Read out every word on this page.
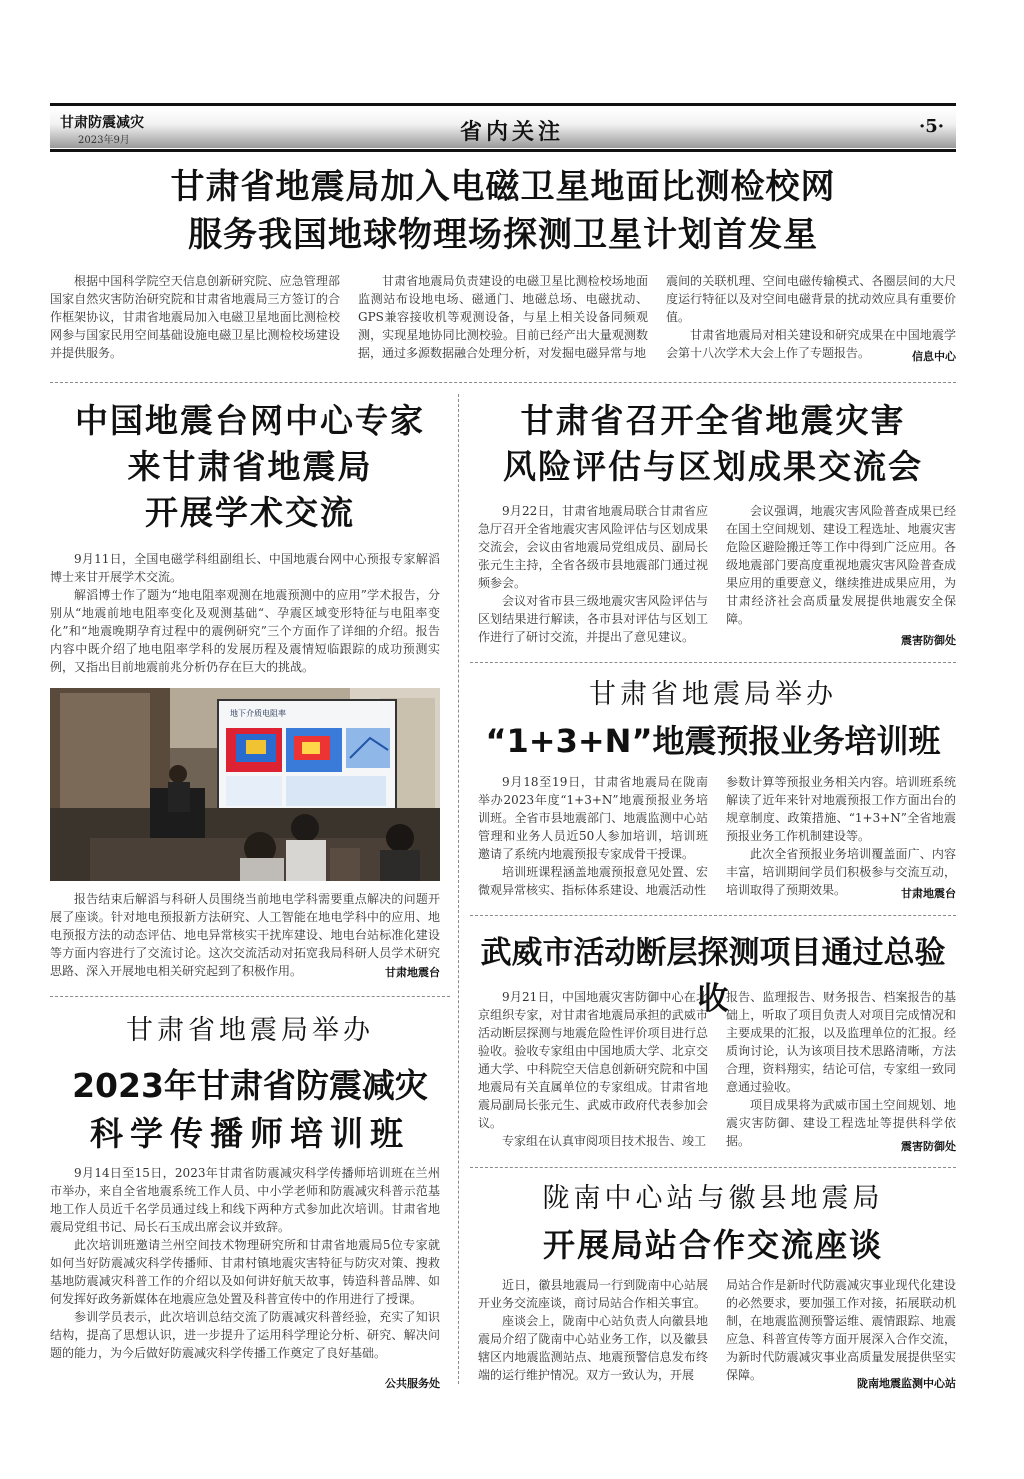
甘肃防震减灾
2023年9月	省内关注	·5·
甘肃省地震局加入电磁卫星地面比测检校网
服务我国地球物理场探测卫星计划首发星

根据中国科学院空天信息创新研究院、应急管理部国家自然灾害防治研究院和甘肃省地震局三方签订的合作框架协议，甘肃省地震局加入电磁卫星地面比测检校网参与国家民用空间基础设施电磁卫星比测检校场建设并提供服务。

甘肃省地震局负责建设的电磁卫星比测检校场地面监测站布设地电场、磁通门、地磁总场、电磁扰动、GPS兼容接收机等观测设备，与星上相关设备同频观测，实现星地协同比测校验。目前已经产出大量观测数据，通过多源数据融合处理分析，对发掘电磁异常与地

震间的关联机理、空间电磁传输模式、各圈层间的大尺度运行特征以及对空间电磁背景的扰动效应具有重要价值。

甘肃省地震局对相关建设和研究成果在中国地震学会第十八次学术大会上作了专题报告。	信息中心
中国地震台网中心专家
来甘肃省地震局
开展学术交流

9月11日，全国电磁学科组副组长、中国地震台网中心预报专家解滔博士来甘开展学术交流。

解滔博士作了题为“地电阻率观测在地震预测中的应用”学术报告，分别从“地震前地电阻率变化及观测基础“、孕震区域变形特征与电阻率变化”和“地震晚期孕育过程中的震例研究”三个方面作了详细的介绍。报告内容中既介绍了地电阻率学科的发展历程及震情短临跟踪的成功预测实例，又指出目前地震前兆分析仍存在巨大的挑战。

地下介质电阻率

报告结束后解滔与科研人员围绕当前地电学科需要重点解决的问题开展了座谈。针对地电预报新方法研究、人工智能在地电学科中的应用、地电预报方法的动态评估、地电异常核实干扰库建设、地电台站标准化建设等方面内容进行了交流讨论。这次交流活动对拓宽我局科研人员学术研究思路、深入开展地电相关研究起到了积极作用。	甘肃地震台
甘肃省地震局举办
2023年甘肃省防震减灾
科学传播师培训班

9月14日至15日，2023年甘肃省防震减灾科学传播师培训班在兰州市举办，来自全省地震系统工作人员、中小学老师和防震减灾科普示范基地工作人员近千名学员通过线上和线下两种方式参加此次培训。甘肃省地震局党组书记、局长石玉成出席会议并致辞。

此次培训班邀请兰州空间技术物理研究所和甘肃省地震局5位专家就如何当好防震减灾科学传播师、甘肃村镇地震灾害特征与防灾对策、搜救基地防震减灾科普工作的介绍以及如何讲好航天故事，铸造科普品牌、如何发挥好政务新媒体在地震应急处置及科普宣传中的作用进行了授课。

参训学员表示，此次培训总结交流了防震减灾科普经验，充实了知识结构，提高了思想认识，进一步提升了运用科学理论分析、研究、解决问题的能力，为今后做好防震减灾科学传播工作奠定了良好基础。

公共服务处
甘肃省召开全省地震灾害
风险评估与区划成果交流会

9月22日，甘肃省地震局联合甘肃省应急厅召开全省地震灾害风险评估与区划成果交流会，会议由省地震局党组成员、副局长张元生主持，全省各级市县地震部门通过视频参会。

会议对省市县三级地震灾害风险评估与区划结果进行解读，各市县对评估与区划工作进行了研讨交流，并提出了意见建议。

会议强调，地震灾害风险普查成果已经在国土空间规划、建设工程选址、地震灾害危险区避险搬迁等工作中得到广泛应用。各级地震部门要高度重视地震灾害风险普查成果应用的重要意义，继续推进成果应用，为甘肃经济社会高质量发展提供地震安全保障。

震害防御处
甘肃省地震局举办
“1+3+N”地震预报业务培训班

9月18至19日，甘肃省地震局在陇南举办2023年度“1+3+N”地震预报业务培训班。全省市县地震部门、地震监测中心站管理和业务人员近50人参加培训，培训班邀请了系统内地震预报专家成骨干授课。

培训班课程涵盖地震预报意见处置、宏微观异常核实、指标体系建设、地震活动性

参数计算等预报业务相关内容。培训班系统解读了近年来针对地震预报工作方面出台的规章制度、政策措施、“1+3+N”全省地震预报业务工作机制建设等。

此次全省预报业务培训覆盖面广、内容丰富，培训期间学员们积极参与交流互动，培训取得了预期效果。	甘肃地震台
武威市活动断层探测项目通过总验收

9月21日，中国地震灾害防御中心在北京组织专家，对甘肃省地震局承担的武威市活动断层探测与地震危险性评价项目进行总验收。验收专家组由中国地质大学、北京交通大学、中科院空天信息创新研究院和中国地震局有关直属单位的专家组成。甘肃省地震局副局长张元生、武威市政府代表参加会议。

专家组在认真审阅项目技术报告、竣工

报告、监理报告、财务报告、档案报告的基础上，听取了项目负责人对项目完成情况和主要成果的汇报，以及监理单位的汇报。经质询讨论，认为该项目技术思路清晰，方法合理，资料翔实，结论可信，专家组一致同意通过验收。

项目成果将为武威市国土空间规划、地震灾害防御、建设工程选址等提供科学依据。	震害防御处
陇南中心站与徽县地震局
开展局站合作交流座谈

近日，徽县地震局一行到陇南中心站展开业务交流座谈，商讨局站合作相关事宜。

座谈会上，陇南中心站负责人向徽县地震局介绍了陇南中心站业务工作，以及徽县辖区内地震监测站点、地震预警信息发布终端的运行维护情况。双方一致认为，开展

局站合作是新时代防震减灾事业现代化建设的必然要求，要加强工作对接，拓展联动机制，在地震监测预警运维、震情跟踪、地震应急、科普宣传等方面开展深入合作交流，为新时代防震减灾事业高质量发展提供坚实保障。

陇南地震监测中心站
